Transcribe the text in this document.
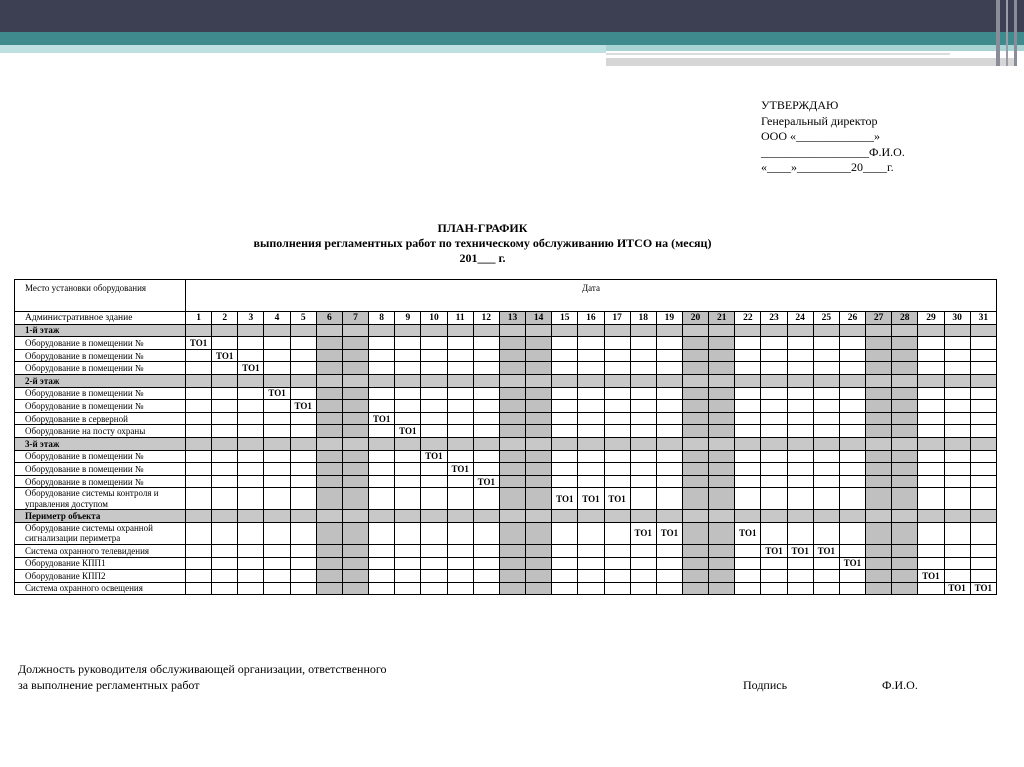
УТВЕРЖДАЮ
Генеральный директор
ООО «_____________»
__________________Ф.И.О.
«____»_________20____г.
ПЛАН-ГРАФИК
выполнения регламентных работ по техническому обслуживанию ИТСО на (месяц)
201___ г.
Место установки оборудования	Дата																														
Административное здание	1	2	3	4	5	6	7	8	9	10	11	12	13	14	15	16	17	18	19	20	21	22	23	24	25	26	27	28	29	30	31
1-й этаж																															
Оборудование в помещении №	ТО1																														
Оборудование в помещении №		ТО1																													
Оборудование в помещении №			ТО1																												
2-й этаж																															
Оборудование в помещении №				ТО1																											
Оборудование в помещении №					ТО1																										
Оборудование в серверной								ТО1																							
Оборудование на посту охраны									ТО1																						
3-й этаж																															
Оборудование в помещении №										ТО1																					
Оборудование в помещении №											ТО1																				
Оборудование в помещении №												ТО1																			
Оборудование системы контроля и управления доступом															ТО1	ТО1	ТО1														
Периметр объекта																															
Оборудование системы охранной сигнализации периметра																		ТО1	ТО1			ТО1									
Система охранного телевидения																							ТО1	ТО1	ТО1						
Оборудование КПП1																										ТО1					
Оборудование КПП2																													ТО1		
Система охранного освещения																														ТО1	ТО1
Должность руководителя обслуживающей организации, ответственного
за выполнение регламентных работ	Подпись	Ф.И.О.
